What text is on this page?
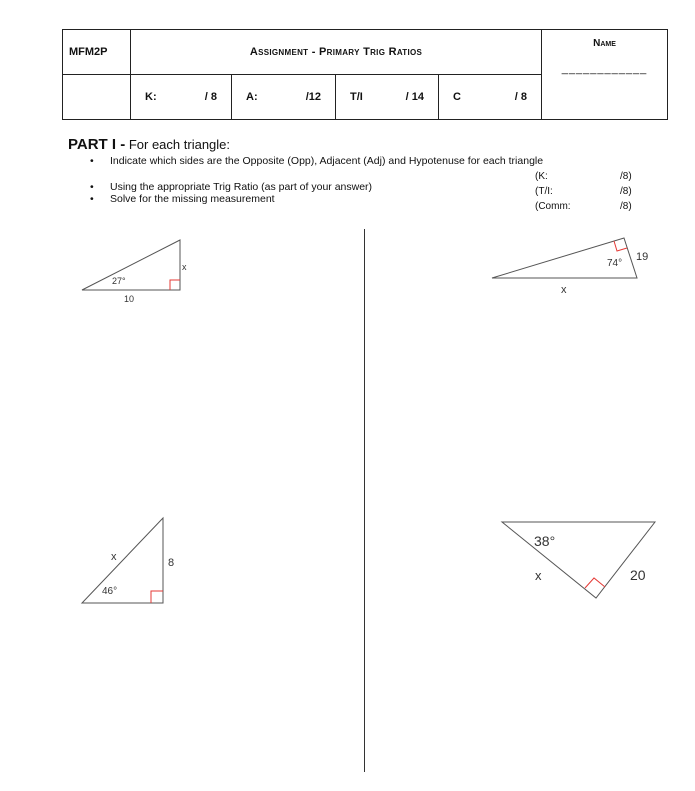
MFM2P	Assignment - Primary Trig Ratios				Name
____________

	K: / 8	A: /12	T/I / 14	C / 8	
PART I - For each triangle:
• Indicate which sides are the Opposite (Opp), Adjacent (Adj) and Hypotenuse for each triangle
• Using the appropriate Trig Ratio (as part of your answer)
• Solve for the missing measurement
(K:	/8)
(T/I:	/8)
(Comm:	/8)
27°
10
x	74°
19
x
46°
8
x
38°
20
x
